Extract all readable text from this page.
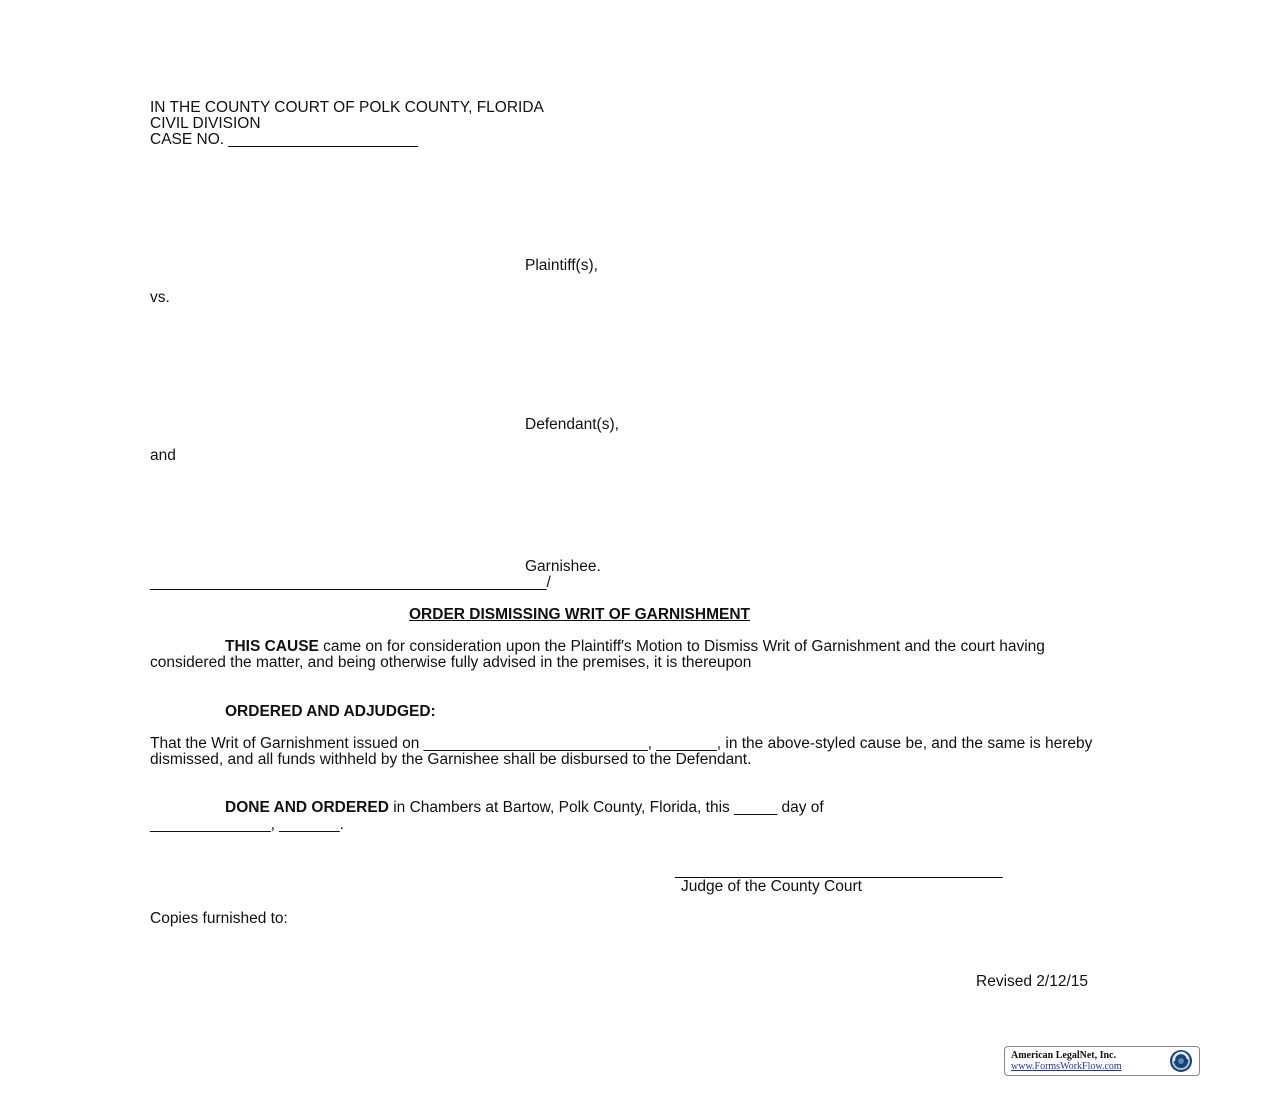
IN THE COUNTY COURT OF POLK COUNTY, FLORIDA
CIVIL DIVISION
CASE NO. ______________________
Plaintiff(s),
vs.
Defendant(s),
and
Garnishee.
______________________________________________/
ORDER DISMISSING WRIT OF GARNISHMENT
THIS CAUSE came on for consideration upon the Plaintiff′s Motion to Dismiss Writ of Garnishment and the court having considered the matter, and being otherwise fully advised in the premises, it is thereupon
ORDERED AND ADJUDGED:
That the Writ of Garnishment issued on __________________________, _______, in the above-styled cause be, and the same is hereby dismissed, and all funds withheld by the Garnishee shall be disbursed to the Defendant.
DONE AND ORDERED in Chambers at Bartow, Polk County, Florida, this _____ day of
______________, _______.
______________________________________
Judge of the County Court
Copies furnished to:
Revised 2/12/15
American LegalNet, Inc.
www.FormsWorkFlow.com
